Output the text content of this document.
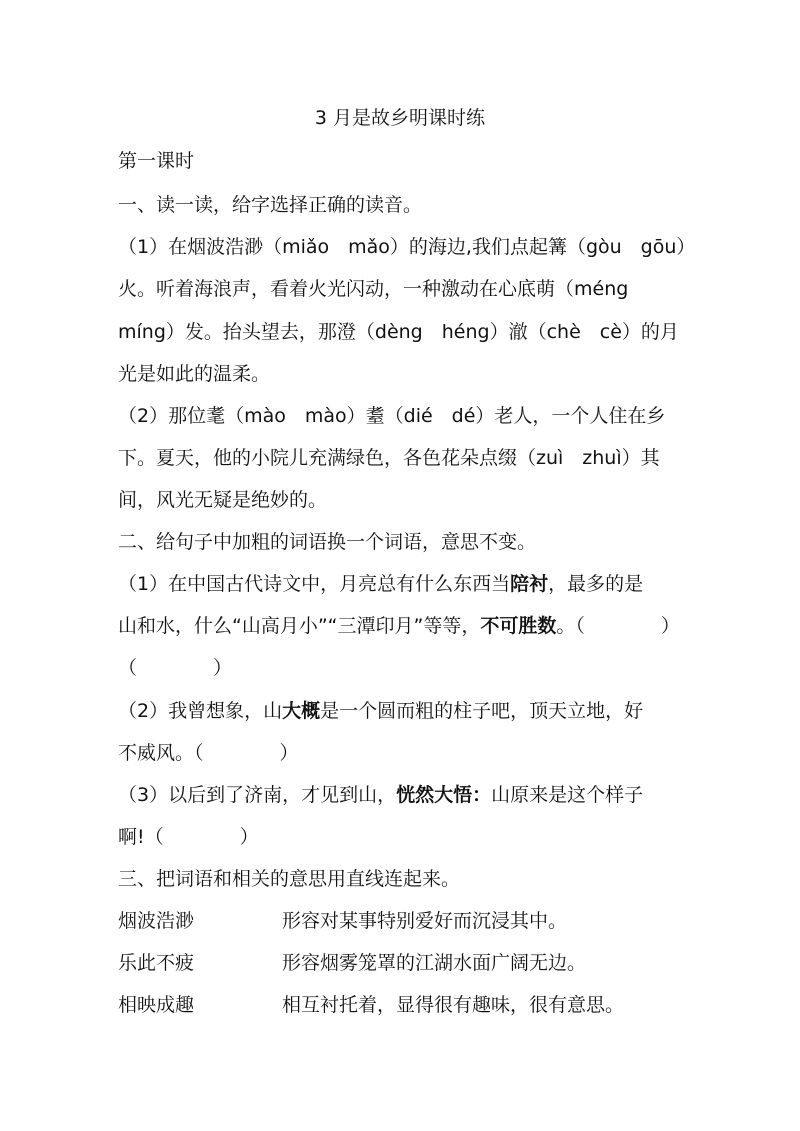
3 月是故乡明课时练
第一课时
一、读一读，给字选择正确的读音。
（1）在烟波浩渺（miǎo　mǎo）的海边,我们点起篝（gòu　gōu）
火。听着海浪声，看着火光闪动，一种激动在心底萌（méng
míng）发。抬头望去，那澄（dèng　héng）澈（chè　cè）的月
光是如此的温柔。
（2）那位耄（mào　mào）耋（dié　dé）老人，一个人住在乡
下。夏天，他的小院儿充满绿色，各色花朵点缀（zuì　zhuì）其
间，风光无疑是绝妙的。
二、给句子中加粗的词语换一个词语，意思不变。
（1）在中国古代诗文中，月亮总有什么东西当陪衬，最多的是
山和水，什么“山高月小”“三潭印月”等等，不可胜数。（　　　　）
（　　　　）
（2）我曾想象，山大概是一个圆而粗的柱子吧，顶天立地，好
不威风。（　　　　）
（3）以后到了济南，才见到山，恍然大悟：山原来是这个样子
啊!（　　　　）
三、把词语和相关的意思用直线连起来。
烟波浩渺	形容对某事特别爱好而沉浸其中。
乐此不疲	形容烟雾笼罩的江湖水面广阔无边。
相映成趣	相互衬托着，显得很有趣味，很有意思。
